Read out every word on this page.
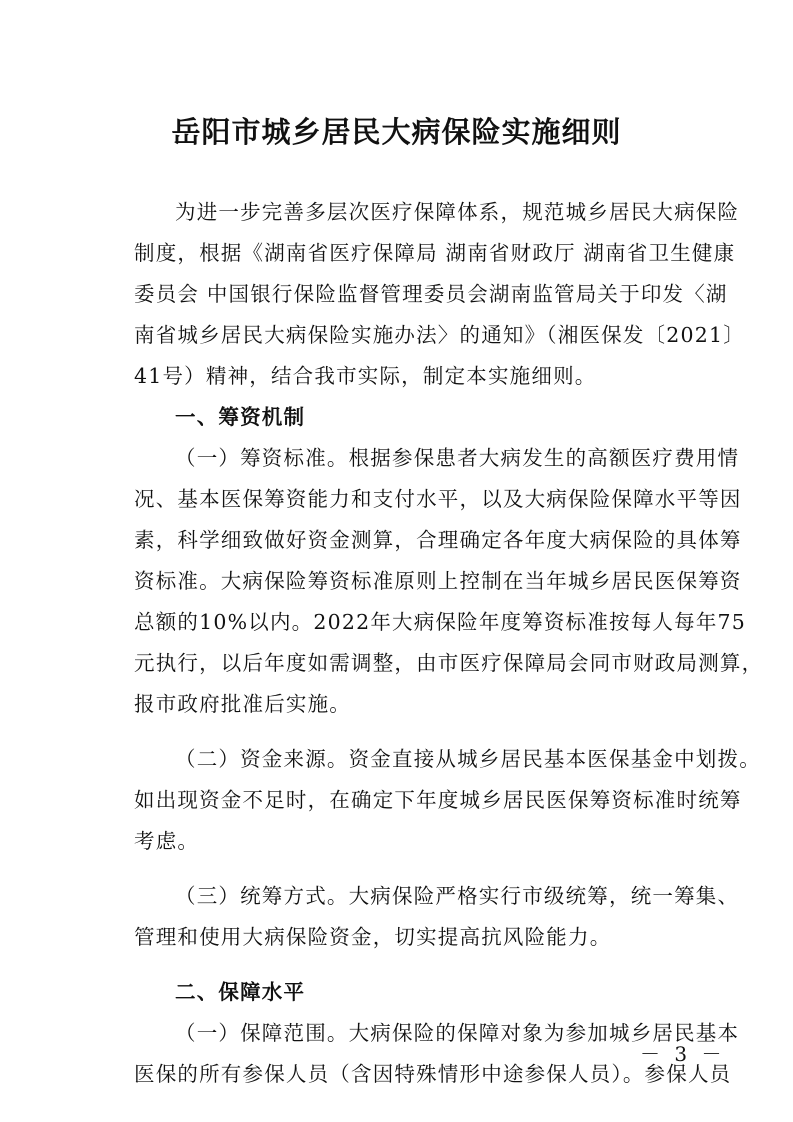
岳阳市城乡居民大病保险实施细则
为进一步完善多层次医疗保障体系，规范城乡居民大病保险
制度，根据《湖南省医疗保障局 湖南省财政厅 湖南省卫生健康
委员会 中国银行保险监督管理委员会湖南监管局关于印发〈湖
南省城乡居民大病保险实施办法〉的通知》（湘医保发〔2021〕
41号）精神，结合我市实际，制定本实施细则。
一、筹资机制
（一）筹资标准。根据参保患者大病发生的高额医疗费用情
况、基本医保筹资能力和支付水平，以及大病保险保障水平等因
素，科学细致做好资金测算，合理确定各年度大病保险的具体筹
资标准。大病保险筹资标准原则上控制在当年城乡居民医保筹资
总额的10%以内。2022年大病保险年度筹资标准按每人每年75
元执行，以后年度如需调整，由市医疗保障局会同市财政局测算，
报市政府批准后实施。
（二）资金来源。资金直接从城乡居民基本医保基金中划拨。
如出现资金不足时，在确定下年度城乡居民医保筹资标准时统筹
考虑。
（三）统筹方式。大病保险严格实行市级统筹，统一筹集、
管理和使用大病保险资金，切实提高抗风险能力。
二、保障水平
（一）保障范围。大病保险的保障对象为参加城乡居民基本
医保的所有参保人员（含因特殊情形中途参保人员）。参保人员
－ 3 －
